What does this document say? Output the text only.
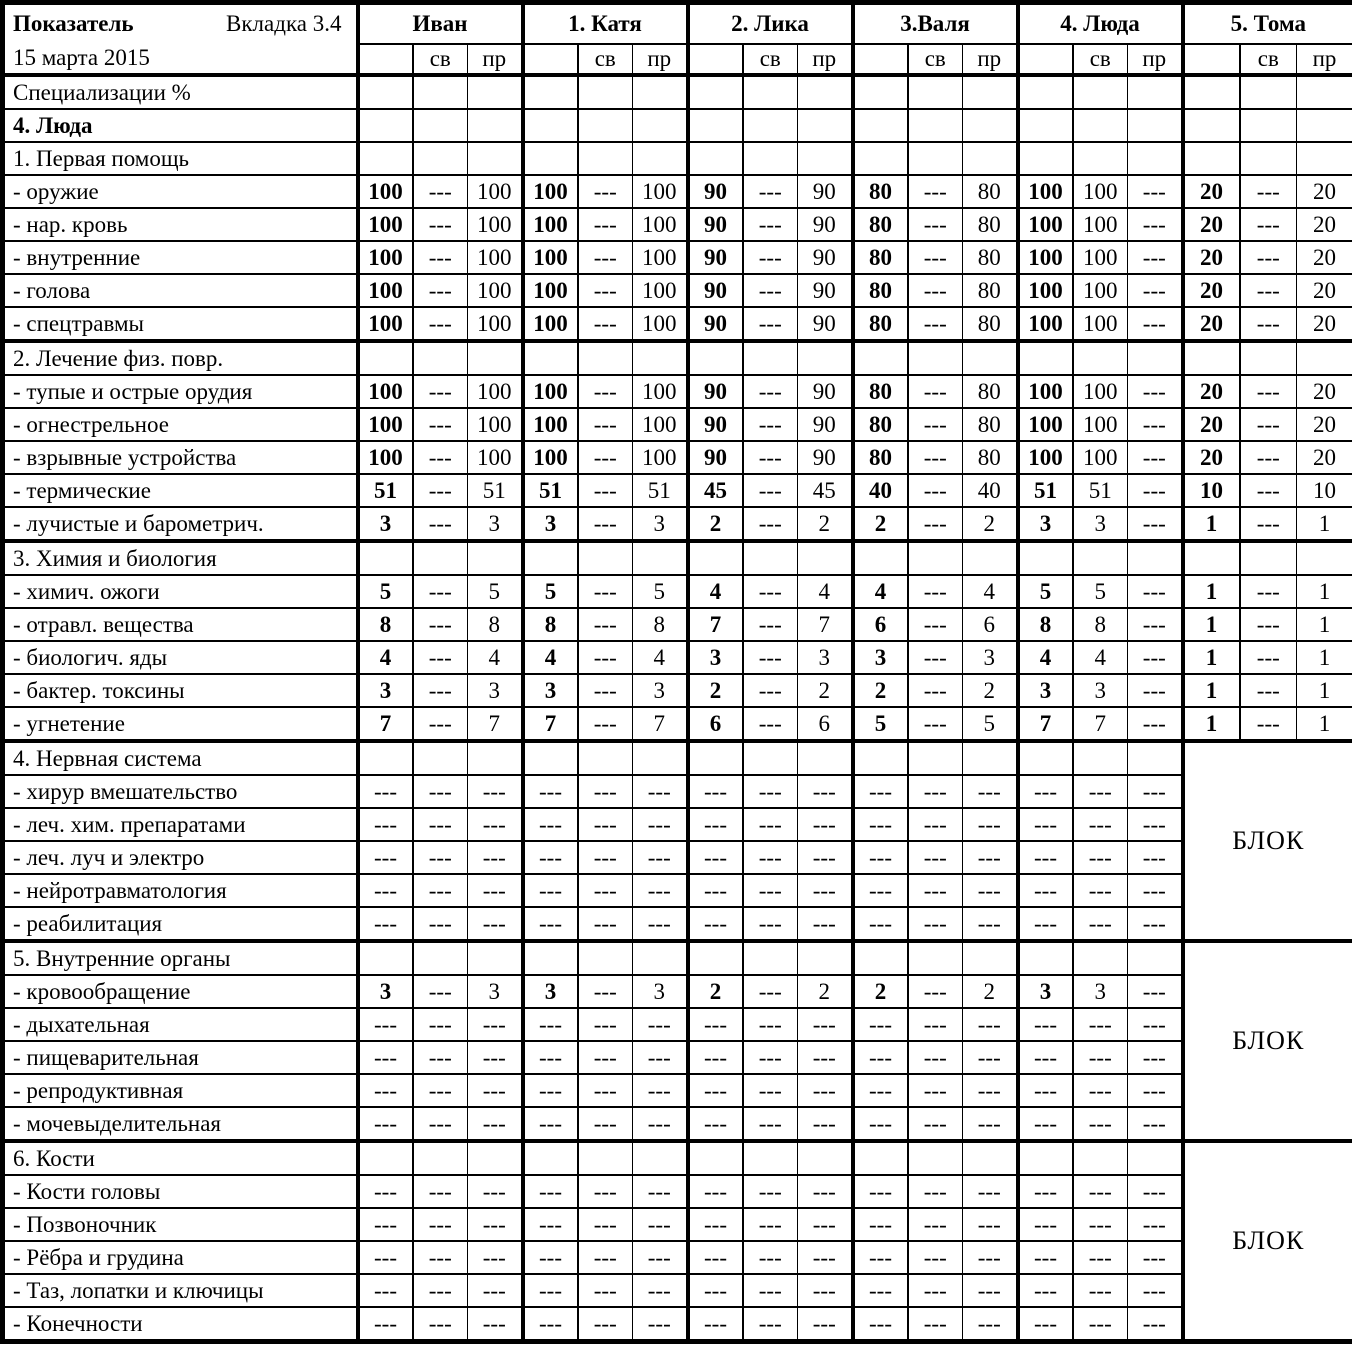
Показатель Вкладка 3.4
15 марта 2015	Иван			1. Катя			2. Лика			3.Валя			4. Люда			5. Тома		
		св	пр		св	пр		св	пр		св	пр		св	пр		св	пр
Специализации %																		
4. Люда																		
1. Первая помощь																		
- оружие	100	---	100	100	---	100	90	---	90	80	---	80	100	100	---	20	---	20
- нар. кровь	100	---	100	100	---	100	90	---	90	80	---	80	100	100	---	20	---	20
- внутренние	100	---	100	100	---	100	90	---	90	80	---	80	100	100	---	20	---	20
- голова	100	---	100	100	---	100	90	---	90	80	---	80	100	100	---	20	---	20
- спецтравмы	100	---	100	100	---	100	90	---	90	80	---	80	100	100	---	20	---	20
2. Лечение физ. повр.																		
- тупые и острые орудия	100	---	100	100	---	100	90	---	90	80	---	80	100	100	---	20	---	20
- огнестрельное	100	---	100	100	---	100	90	---	90	80	---	80	100	100	---	20	---	20
- взрывные устройства	100	---	100	100	---	100	90	---	90	80	---	80	100	100	---	20	---	20
- термические	51	---	51	51	---	51	45	---	45	40	---	40	51	51	---	10	---	10
- лучистые и барометрич.	3	---	3	3	---	3	2	---	2	2	---	2	3	3	---	1	---	1
3. Химия и биология																		
- химич. ожоги	5	---	5	5	---	5	4	---	4	4	---	4	5	5	---	1	---	1
- отравл. вещества	8	---	8	8	---	8	7	---	7	6	---	6	8	8	---	1	---	1
- биологич. яды	4	---	4	4	---	4	3	---	3	3	---	3	4	4	---	1	---	1
- бактер. токсины	3	---	3	3	---	3	2	---	2	2	---	2	3	3	---	1	---	1
- угнетение	7	---	7	7	---	7	6	---	6	5	---	5	7	7	---	1	---	1
4. Нервная система																БЛОК		
- хирур вмешательство	---	---	---	---	---	---	---	---	---	---	---	---	---	---	---			
- леч. хим. препаратами	---	---	---	---	---	---	---	---	---	---	---	---	---	---	---			
- леч. луч и электро	---	---	---	---	---	---	---	---	---	---	---	---	---	---	---			
- нейротравматология	---	---	---	---	---	---	---	---	---	---	---	---	---	---	---			
- реабилитация	---	---	---	---	---	---	---	---	---	---	---	---	---	---	---			
5. Внутренние органы																БЛОК		
- кровообращение	3	---	3	3	---	3	2	---	2	2	---	2	3	3	---			
- дыхательная	---	---	---	---	---	---	---	---	---	---	---	---	---	---	---			
- пищеварительная	---	---	---	---	---	---	---	---	---	---	---	---	---	---	---			
- репродуктивная	---	---	---	---	---	---	---	---	---	---	---	---	---	---	---			
- мочевыделительная	---	---	---	---	---	---	---	---	---	---	---	---	---	---	---			
6. Кости																БЛОК		
- Кости головы	---	---	---	---	---	---	---	---	---	---	---	---	---	---	---			
- Позвоночник	---	---	---	---	---	---	---	---	---	---	---	---	---	---	---			
- Рёбра и грудина	---	---	---	---	---	---	---	---	---	---	---	---	---	---	---			
- Таз, лопатки и ключицы	---	---	---	---	---	---	---	---	---	---	---	---	---	---	---			
- Конечности	---	---	---	---	---	---	---	---	---	---	---	---	---	---	---			
